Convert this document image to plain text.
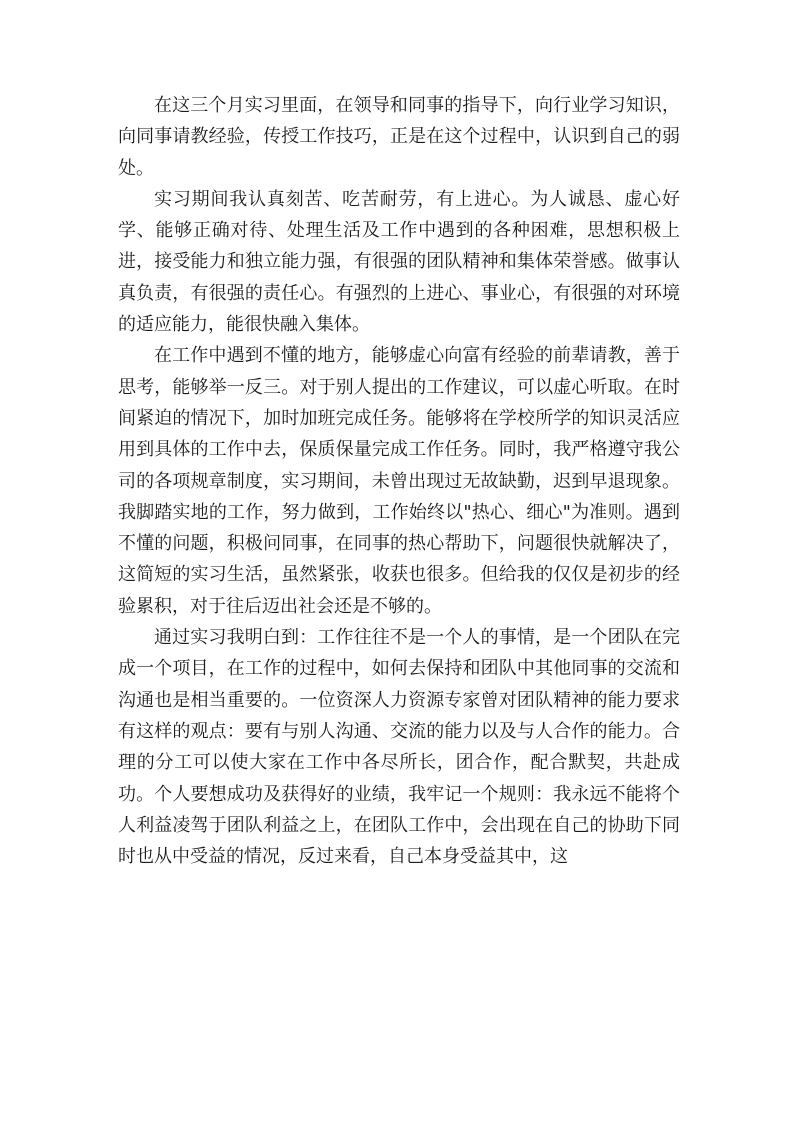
在这三个月实习里面，在领导和同事的指导下，向行业学习知识，向同事请教经验，传授工作技巧，正是在这个过程中，认识到自己的弱处。

实习期间我认真刻苦、吃苦耐劳，有上进心。为人诚恳、虚心好学、能够正确对待、处理生活及工作中遇到的各种困难，思想积极上进，接受能力和独立能力强，有很强的团队精神和集体荣誉感。做事认真负责，有很强的责任心。有强烈的上进心、事业心，有很强的对环境的适应能力，能很快融入集体。

在工作中遇到不懂的地方，能够虚心向富有经验的前辈请教，善于思考，能够举一反三。对于别人提出的工作建议，可以虚心听取。在时间紧迫的情况下，加时加班完成任务。能够将在学校所学的知识灵活应用到具体的工作中去，保质保量完成工作任务。同时，我严格遵守我公司的各项规章制度，实习期间，未曾出现过无故缺勤，迟到早退现象。我脚踏实地的工作，努力做到，工作始终以"热心、细心"为准则。遇到不懂的问题，积极问同事，在同事的热心帮助下，问题很快就解决了，这简短的实习生活，虽然紧张，收获也很多。但给我的仅仅是初步的经验累积，对于往后迈出社会还是不够的。

通过实习我明白到：工作往往不是一个人的事情，是一个团队在完成一个项目，在工作的过程中，如何去保持和团队中其他同事的交流和沟通也是相当重要的。一位资深人力资源专家曾对团队精神的能力要求有这样的观点：要有与别人沟通、交流的能力以及与人合作的能力。合理的分工可以使大家在工作中各尽所长，团合作，配合默契，共赴成功。个人要想成功及获得好的业绩，我牢记一个规则：我永远不能将个人利益凌驾于团队利益之上，在团队工作中，会出现在自己的协助下同时也从中受益的情况，反过来看，自己本身受益其中，这
